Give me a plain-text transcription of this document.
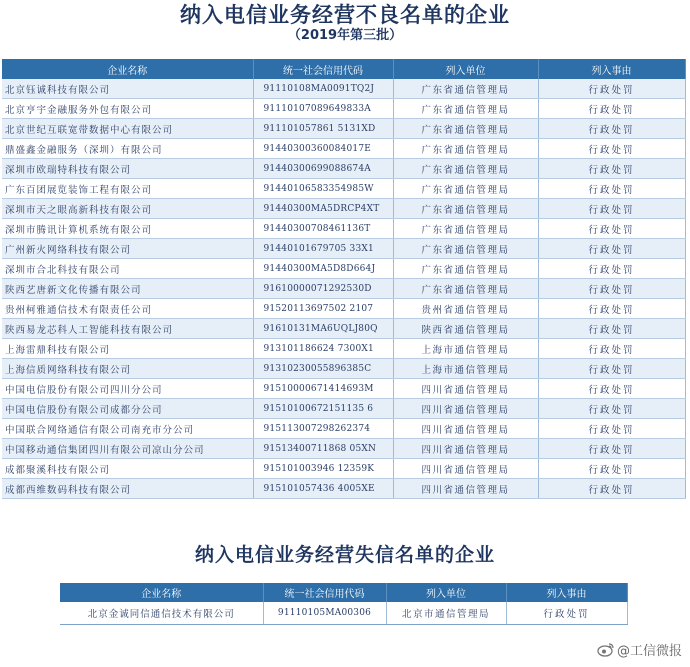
纳入电信业务经营不良名单的企业
（2019年第三批）
企业名称	统一社会信用代码	列入单位	列入事由
北京钰诚科技有限公司	91110108MA0091TQ2J	广东省通信管理局	行政处罚
北京亨宇金融服务外包有限公司	91110107089649833A	广东省通信管理局	行政处罚
北京世纪互联宽带数据中心有限公司	911101057861 5131XD	广东省通信管理局	行政处罚
鼎盛鑫金融服务（深圳）有限公司	91440300360084017E	广东省通信管理局	行政处罚
深圳市欧瑞特科技有限公司	91440300699088674A	广东省通信管理局	行政处罚
广东百团展览装饰工程有限公司	91440106583354985W	广东省通信管理局	行政处罚
深圳市天之眼高新科技有限公司	91440300MA5DRCP4XT	广东省通信管理局	行政处罚
深圳市腾讯计算机系统有限公司	91440300708461136T	广东省通信管理局	行政处罚
广州新火网络科技有限公司	91440101679705 33X1	广东省通信管理局	行政处罚
深圳市合北科技有限公司	91440300MA5D8D664J	广东省通信管理局	行政处罚
陕西艺唐新文化传播有限公司	91610000071292530D	广东省通信管理局	行政处罚
贵州柯雅通信技术有限责任公司	91520113697502 2107	贵州省通信管理局	行政处罚
陕西易龙芯科人工智能科技有限公司	91610131MA6UQLJ80Q	陕西省通信管理局	行政处罚
上海雷鼎科技有限公司	913101186624 7300X1	上海市通信管理局	行政处罚
上海信质网络科技有限公司	91310230055896385C	上海市通信管理局	行政处罚
中国电信股份有限公司四川分公司	91510000671414693M	四川省通信管理局	行政处罚
中国电信股份有限公司成都分公司	91510100672151135 6	四川省通信管理局	行政处罚
中国联合网络通信有限公司南充市分公司	915113007298262374	四川省通信管理局	行政处罚
中国移动通信集团四川有限公司凉山分公司	91513400711868 05XN	四川省通信管理局	行政处罚
成都聚溪科技有限公司	915101003946 12359K	四川省通信管理局	行政处罚
成都西维数码科技有限公司	915101057436 4005XE	四川省通信管理局	行政处罚
纳入电信业务经营失信名单的企业
企业名称	统一社会信用代码	列入单位	列入事由
北京金诚同信通信技术有限公司	91110105MA00306	北京市通信管理局	行政处罚
@工信微报
